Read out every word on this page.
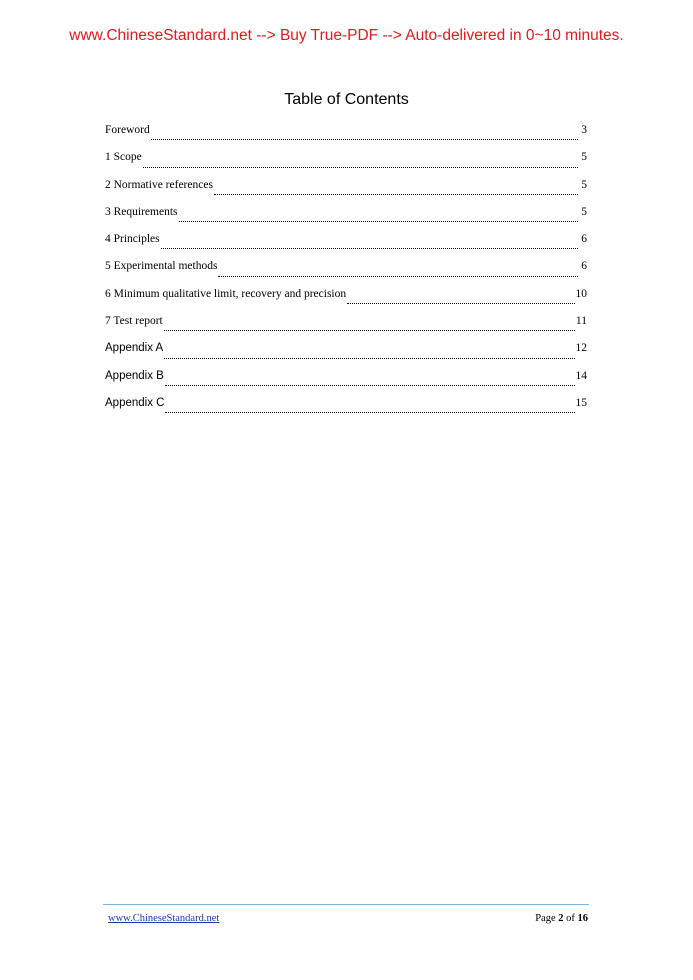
www.ChineseStandard.net --> Buy True-PDF --> Auto-delivered in 0~10 minutes.
Table of Contents
Foreword	3
1 Scope	5
2 Normative references	5
3 Requirements	5
4 Principles	6
5 Experimental methods	6
6 Minimum qualitative limit, recovery and precision	10
7 Test report	11
Appendix A	12
Appendix B	14
Appendix C	15
www.ChineseStandard.net	Page 2 of 16
